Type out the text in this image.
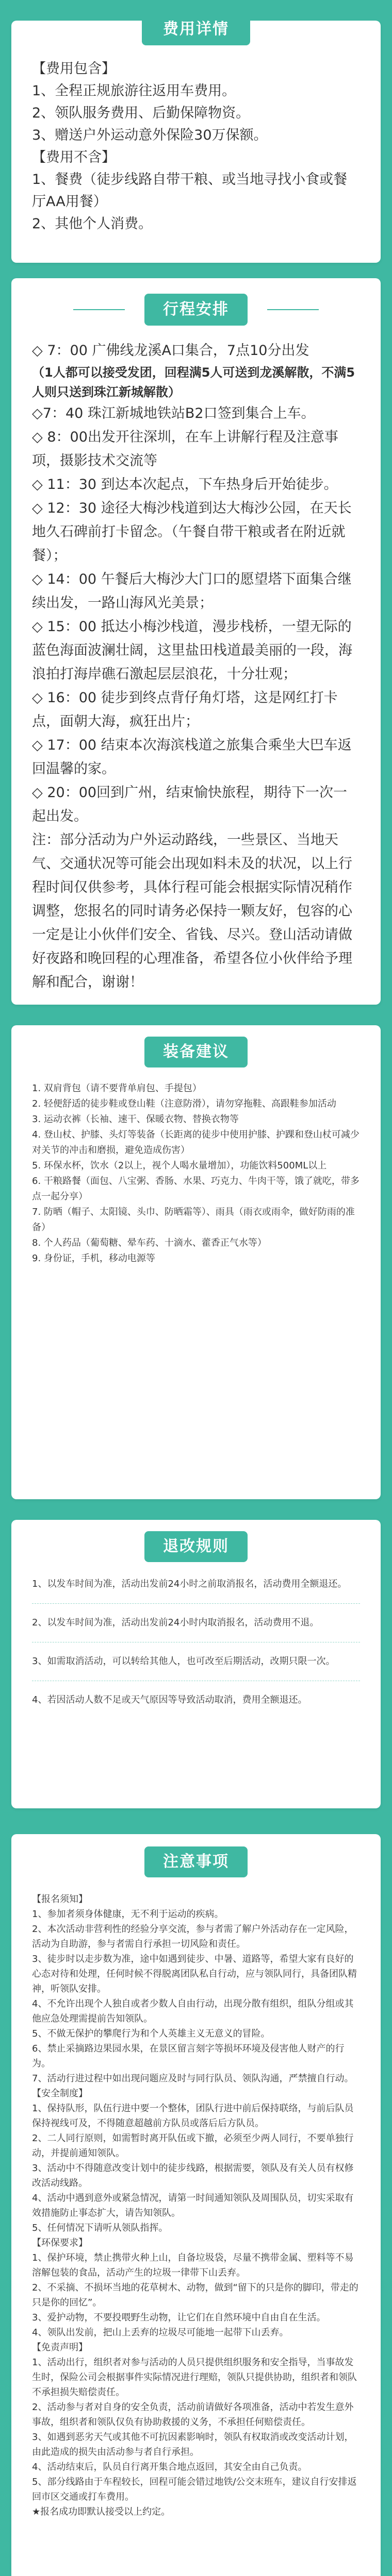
费用详情

【费用包含】

1、全程正规旅游往返用车费用。

2、领队服务费用、后勤保障物资。

3、赠送户外运动意外保险30万保额。

【费用不含】

1、餐费（徒步线路自带干粮、或当地寻找小食或餐厅AA用餐）

2、其他个人消费。

行程安排

◇ 7：00 广佛线龙溪A口集合，7点10分出发

（1人都可以接受发团，回程满5人可送到龙溪解散，不满5人则只送到珠江新城解散）

◇7：40 珠江新城地铁站B2口签到集合上车。

◇ 8：00出发开往深圳，在车上讲解行程及注意事项，摄影技术交流等

◇ 11：30 到达本次起点，下车热身后开始徒步。

◇ 12：30 途径大梅沙栈道到达大梅沙公园，在天长地久石碑前打卡留念。（午餐自带干粮或者在附近就餐）；

◇ 14：00 午餐后大梅沙大门口的愿望塔下面集合继续出发，一路山海风光美景；

◇ 15：00 抵达小梅沙栈道，漫步栈桥，一望无际的蓝色海面波澜壮阔，这里盐田栈道最美丽的一段，海浪拍打海岸礁石激起层层浪花，十分壮观；

◇ 16：00 徒步到终点背仔角灯塔，这是网红打卡点，面朝大海，疯狂出片；

◇ 17：00 结束本次海滨栈道之旅集合乘坐大巴车返回温馨的家。

◇ 20：00回到广州，结束愉快旅程，期待下一次一起出发。

注：部分活动为户外运动路线，一些景区、当地天气、交通状况等可能会出现如料未及的状况，以上行程时间仅供参考，具体行程可能会根据实际情况稍作调整，您报名的同时请务必保持一颗友好，包容的心一定是让小伙伴们安全、省钱、尽兴。登山活动请做好夜路和晚回程的心理准备，希望各位小伙伴给予理解和配合，谢谢！

装备建议

1. 双肩背包（请不要背单肩包、手提包）

2. 轻便舒适的徒步鞋或登山鞋（注意防滑），请勿穿拖鞋、高跟鞋参加活动

3. 运动衣裤（长袖、速干、保暖衣物、替换衣物等

4. 登山杖、护膝、头灯等装备（长距离的徒步中使用护膝、护踝和登山杖可减少对关节的冲击和磨损，避免造成伤害）

5. 环保水杯，饮水（2以上，视个人喝水量增加），功能饮料500ML以上

6. 干粮路餐（面包、八宝粥、香肠、水果、巧克力、牛肉干等，饿了就吃，带多点一起分享）

7. 防晒（帽子、太阳镜、头巾、防晒霜等）、雨具（雨衣或雨伞，做好防雨的准备）

8. 个人药品（葡萄糖、晕车药、十滴水、藿香正气水等）

9. 身份证，手机，移动电源等

退改规则

1、以发车时间为准，活动出发前24小时之前取消报名，活动费用全额退还。

2、以发车时间为准，活动出发前24小时内取消报名，活动费用不退。

3、如需取消活动，可以转给其他人，也可改至后期活动，改期只限一次。

4、若因活动人数不足或天气原因等导致活动取消，费用全额退还。

注意事项

【报名须知】

1、参加者须身体健康，无不利于运动的疾病。

2、本次活动非营利性的经验分享交流，参与者需了解户外活动存在一定风险，活动为自助游，参与者需自行承担一切风险和责任。

3、徒步时以走步数为准，途中如遇到徒步、中暑、道路等，希望大家有良好的心态对待和处理，任何时候不得脱离团队私自行动，应与领队同行，具备团队精神，听领队安排。

4、不允许出现个人独自或者少数人自由行动，出现分散有组织，组队分组或其他应急处理需提前告知领队。

5、不做无保护的攀爬行为和个人英雄主义无意义的冒险。

6、禁止采摘路边果园水果，在景区留言刻字等损坏环境及侵害他人财产的行为。

7、活动行进过程中如出现问题应及时与同行队员、领队沟通，严禁擅自行动。

【安全制度】

1、保持队形，队伍行进中要一个整体，团队行进中前后保持联络，与前后队员保持视线可及，不得随意超越前方队员或落后后方队员。

2、二人同行原则，如需暂时离开队伍或下撤，必须至少两人同行，不要单独行动，并提前通知领队。

3、活动中不得随意改变计划中的徒步线路，根据需要，领队及有关人员有权修改活动线路。

4、活动中遇到意外或紧急情况，请第一时间通知领队及周围队员，切实采取有效措施防止事态扩大，请告知领队。

5、任何情况下请听从领队指挥。

【环保要求】

1、保护环境，禁止携带火种上山，自备垃圾袋，尽量不携带金属、塑料等不易溶解包装的食品，活动产生的垃圾一律带下山丢弃。

2、不采摘、不损坏当地的花草树木、动物，做到“留下的只是你的脚印，带走的只是你的回忆”。

3、爱护动物，不要投喂野生动物，让它们在自然环境中自由自在生活。

4、领队出发前，把山上丢弃的垃圾尽可能地一起带下山丢弃。

【免责声明】

1、活动出行，组织者对参与活动的人员只提供组织服务和安全指导，当事故发生时，保险公司会根据事件实际情况进行理赔，领队只提供协助，组织者和领队不承担损失赔偿责任。

2、活动参与者对自身的安全负责，活动前请做好各项准备，活动中若发生意外事故，组织者和领队仅负有协助救援的义务，不承担任何赔偿责任。

3、如遇到恶劣天气或其他不可抗因素影响时，领队有权取消或改变活动计划，由此造成的损失由活动参与者自行承担。

4、活动结束后，队员自行离开集合地点返回，其安全由自己负责。

5、部分线路由于车程较长，回程可能会错过地铁/公交末班车，建议自行安排返回市区交通或打车费用。

★报名成功即默认接受以上约定。
